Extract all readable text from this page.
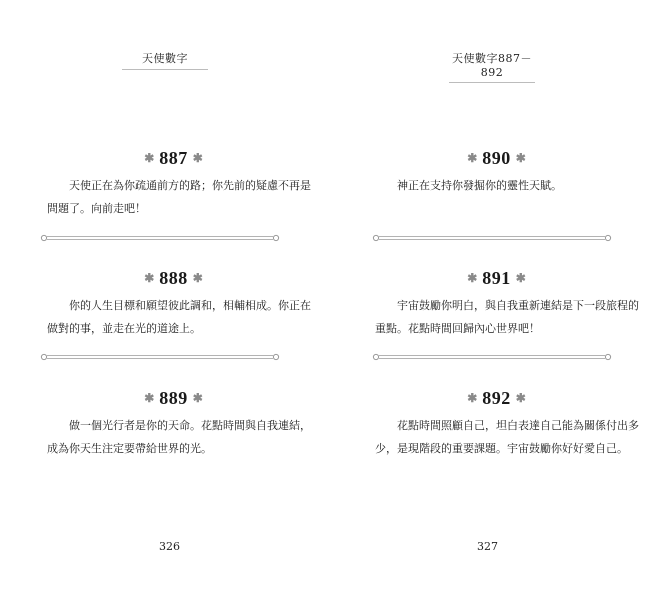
天使數字
✱ 887 ✱
天使正在為你疏通前方的路；你先前的疑慮不再是
問題了。向前走吧！
✱ 888 ✱
你的人生目標和願望彼此調和，相輔相成。你正在
做對的事，並走在光的道途上。
✱ 889 ✱
做一個光行者是你的天命。花點時間與自我連結，
成為你天生注定要帶給世界的光。
326
天使數字887－892
✱ 890 ✱
神正在支持你發掘你的靈性天賦。
✱ 891 ✱
宇宙鼓勵你明白，與自我重新連結是下一段旅程的
重點。花點時間回歸內心世界吧！
✱ 892 ✱
花點時間照顧自己，坦白表達自己能為關係付出多
少，是現階段的重要課題。宇宙鼓勵你好好愛自己。
327
